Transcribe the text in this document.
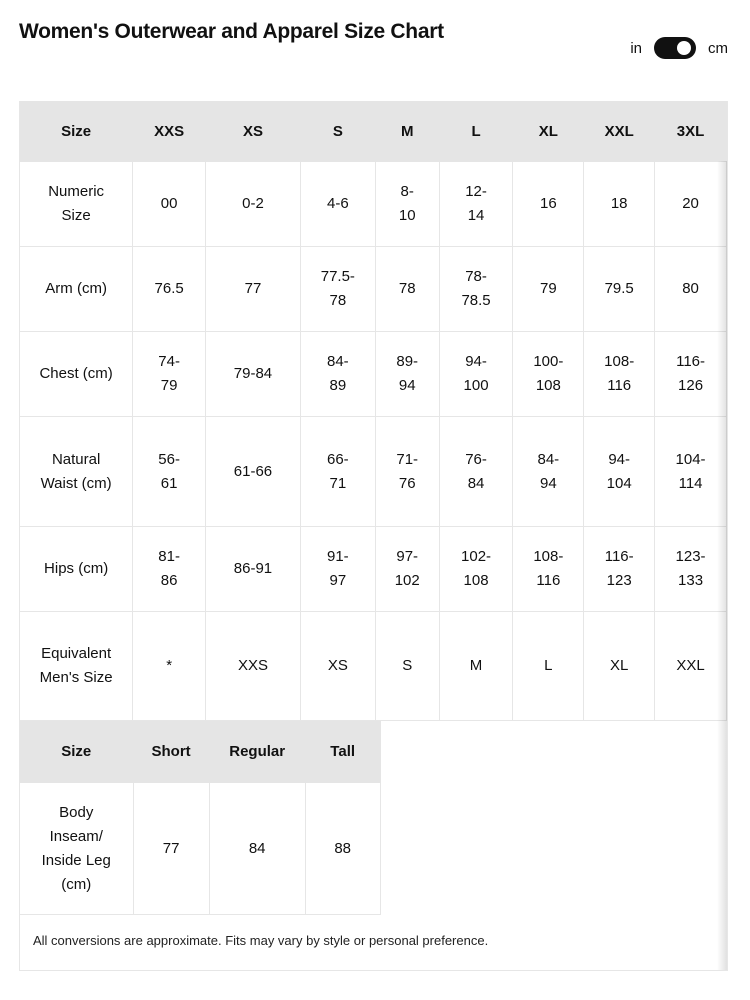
Women's Outerwear and Apparel Size Chart
in	cm
Size	XXS	XS	S	M	L	XL	XXL	3XL
Numeric Size	00	0-2	4-6	8-10	12-14	16	18	20
Arm (cm)	76.5	77	77.5-78	78	78-78.5	79	79.5	80
Chest (cm)	74-79	79-84	84-89	89-94	94-100	100-108	108-116	116-126
Natural Waist (cm)	56-61	61-66	66-71	71-76	76-84	84-94	94-104	104-114
Hips (cm)	81-86	86-91	91-97	97-102	102-108	108-116	116-123	123-133
Equivalent Men's Size	*	XXS	XS	S	M	L	XL	XXL
Size	Short	Regular	Tall
Body Inseam/ Inside Leg (cm)	77	84	88
All conversions are approximate. Fits may vary by style or personal preference.
